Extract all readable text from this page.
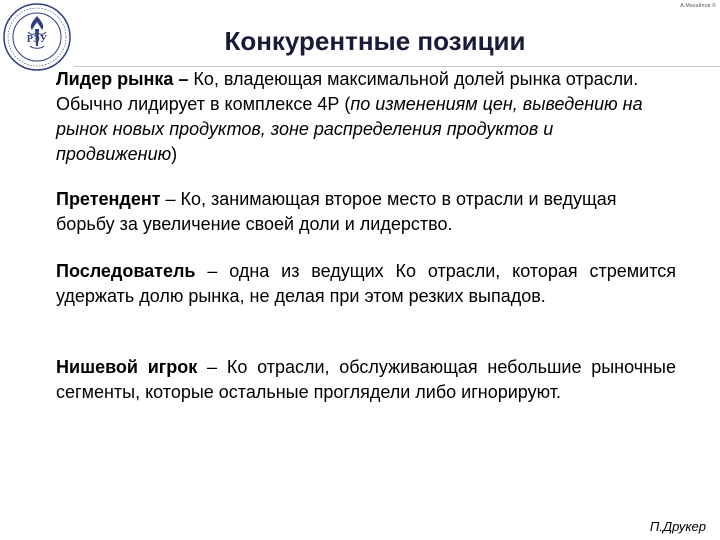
РЭУ
А.Михайлов ©
Конкурентные позиции

Лидер рынка – Ко, владеющая максимальной долей рынка отрасли. Обычно лидирует в комплексе 4Р (по изменениям цен, выведению на рынок новых продуктов, зоне распределения продуктов и продвижению)

Претендент – Ко, занимающая второе место в отрасли и ведущая борьбу за увеличение своей доли и лидерство.

Последователь – одна из ведущих Ко отрасли, которая стремится удержать долю рынка, не делая при этом резких выпадов.

Нишевой игрок – Ко отрасли, обслуживающая небольшие рыночные сегменты, которые остальные проглядели либо игнорируют.

П.Друкер
